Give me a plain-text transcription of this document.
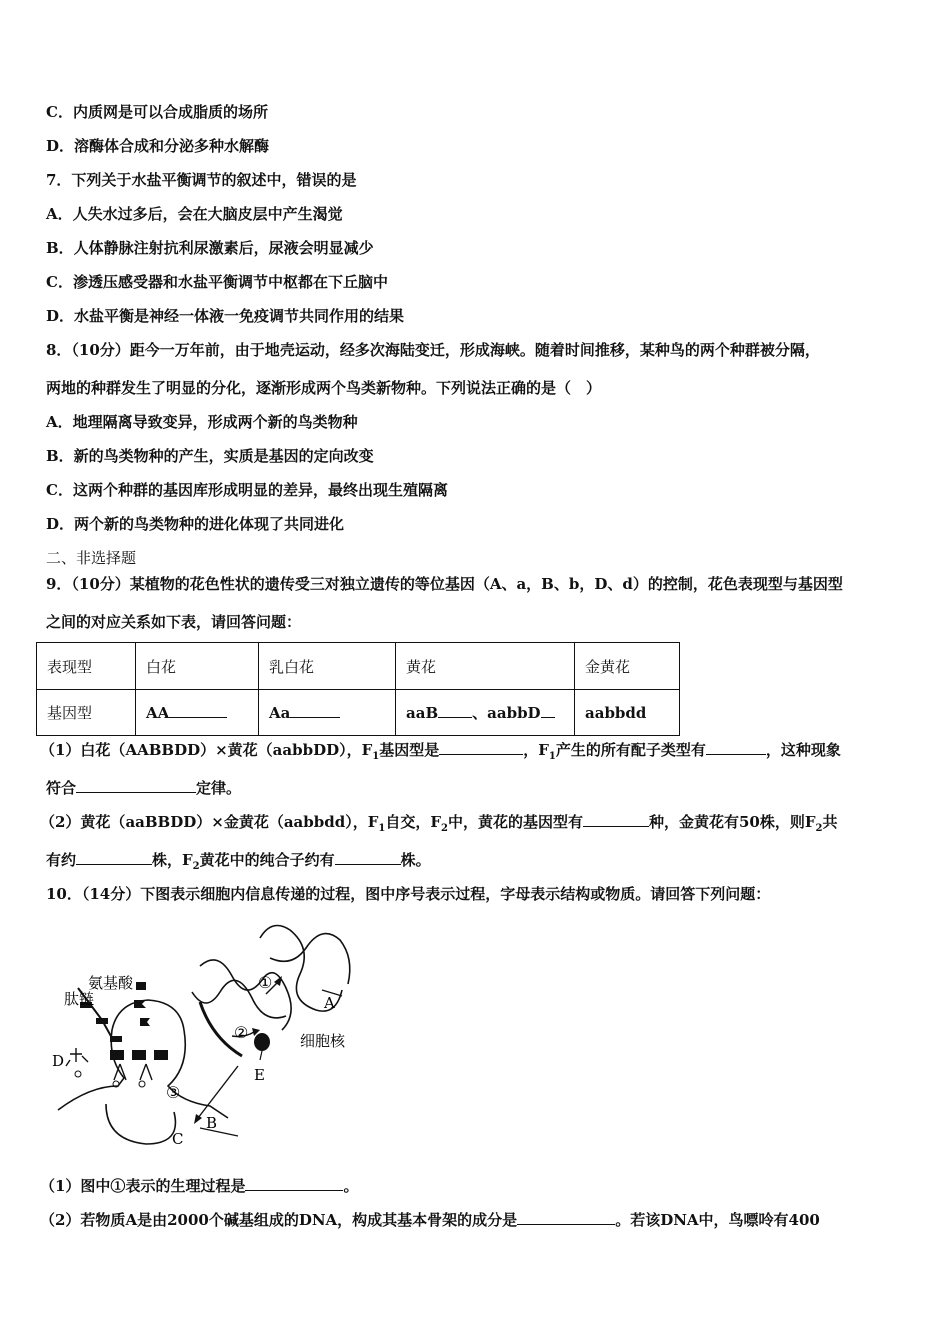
C．内质网是可以合成脂质的场所
D．溶酶体合成和分泌多种水解酶
7．下列关于水盐平衡调节的叙述中，错误的是
A．人失水过多后，会在大脑皮层中产生渴觉
B．人体静脉注射抗利尿激素后，尿液会明显减少
C．渗透压感受器和水盐平衡调节中枢都在下丘脑中
D．水盐平衡是神经一体液一免疫调节共同作用的结果
8．（10分）距今一万年前，由于地壳运动，经多次海陆变迁，形成海峡。随着时间推移，某种鸟的两个种群被分隔，
两地的种群发生了明显的分化，逐渐形成两个鸟类新物种。下列说法正确的是（　）
A．地理隔离导致变异，形成两个新的鸟类物种
B．新的鸟类物种的产生，实质是基因的定向改变
C．这两个种群的基因库形成明显的差异，最终出现生殖隔离
D．两个新的鸟类物种的进化体现了共同进化
二、非选择题
9．（10分）某植物的花色性状的遗传受三对独立遗传的等位基因（A、a，B、b，D、d）的控制，花色表现型与基因型
之间的对应关系如下表，请回答问题：
表现型	白花	乳白花	黄花	金黄花
基因型	AA	Aa	aaB 、aabbD	aabbdd
（1）白花（AABBDD）×黄花（aabbDD），$F_1$基因型是	，$F_1$产生的所有配子类型有	，这种现象
符合	定律。
（2）黄花（aaBBDD）×金黄花（aabbdd），$F_1$自交，$F_2$中，黄花的基因型有	种，金黄花有50株，则$F_2$共
有约	株，$F_2$黄花中的纯合子约有	株。
10．（14分）下图表示细胞内信息传递的过程，图中序号表示过程，字母表示结构或物质。请回答下列问题：
氨基酸
肽链
细胞核
A
B
C
D
E
①
②
③
（1）图中①表示的生理过程是	。
（2）若物质A是由2000个碱基组成的DNA，构成其基本骨架的成分是	。若该DNA中，鸟嘌呤有400
